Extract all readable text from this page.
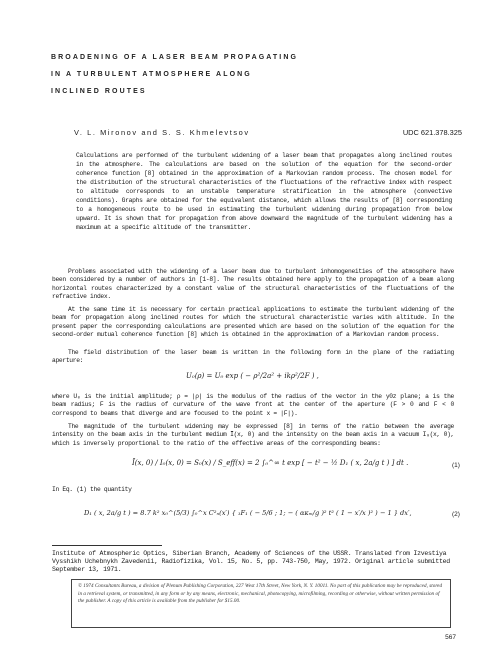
BROADENING OF A LASER BEAM PROPAGATING
IN A TURBULENT ATMOSPHERE ALONG
INCLINED ROUTES
V. L. Mironov and S. S. Khmelevtsov	UDC 621.378.325
Calculations are performed of the turbulent widening of a laser beam that propagates along inclined routes in the atmosphere. The calculations are based on the solution of the equation for the second-order coherence function [8] obtained in the approximation of a Markovian random process. The chosen model for the distribution of the structural characteristics of the fluctuations of the refractive index with respect to altitude corresponds to an unstable temperature stratification in the atmosphere (convective conditions). Graphs are obtained for the equivalent distance, which allows the results of [8] corresponding to a homogeneous route to be used in estimating the turbulent widening during propagation from below upward. It is shown that for propagation from above downward the magnitude of the turbulent widening has a maximum at a specific altitude of the transmitter.
Problems associated with the widening of a laser beam due to turbulent inhomogeneities of the atmosphere have been considered by a number of authors in [1-8]. The results obtained here apply to the propagation of a beam along horizontal routes characterized by a constant value of the structural characteristics of the fluctuations of the refractive index.
At the same time it is necessary for certain practical applications to estimate the turbulent widening of the beam for propagation along inclined routes for which the structural characteristic varies with altitude. In the present paper the corresponding calculations are presented which are based on the solution of the equation for the second-order mutual coherence function [8] which is obtained in the approximation of a Markovian random process.
The field distribution of the laser beam is written in the following form in the plane of the radiating aperture:
U₀(ρ) = U₀ exp ( − ρ²/2a² + ikρ²/2F ) ,
where U₀ is the initial amplitude; ρ = |ρ| is the modulus of the radius of the vector in the y0z plane; a is the beam radius; F is the radius of curvature of the wave front at the center of the aperture (F > 0 and F < 0 correspond to beams that diverge and are focused to the point x = |F|).
The magnitude of the turbulent widening may be expressed [8] in terms of the ratio between the average intensity on the beam axis in the turbulent medium Ī(x, 0) and the intensity on the beam axis in a vacuum I₀(x, 0), which is inversely proportional to the ratio of the effective areas of the corresponding beams:
Ī(x, 0) / I₀(x, 0) = S₀(x) / S_eff(x) = 2 ∫₀^∞ t exp [ − t² − ½ D₁ ( x, 2a/g t ) ] dt .	(1)
In Eq. (1) the quantity
D₁ ( x, 2a/g t ) = 8.7 k² x₀^(5/3) ∫₀^x C²ₙ(x′) { ₁F₁ ( − 5/6 ; 1; − ( ακₘ/g )² t² ( 1 − x′/x )² ) − 1 } dx′,	(2)
Institute of Atmospheric Optics, Siberian Branch, Academy of Sciences of the USSR. Translated from Izvestiya Vysshikh Uchebnykh Zavedenii, Radiofizika, Vol. 15, No. 5, pp. 743-750, May, 1972. Original article submitted September 13, 1971.
© 1974 Consultants Bureau, a division of Plenum Publishing Corporation, 227 West 17th Street, New York, N. Y. 10011. No part of this publication may be reproduced, stored in a retrieval system, or transmitted, in any form or by any means, electronic, mechanical, photocopying, microfilming, recording or otherwise, without written permission of the publisher. A copy of this article is available from the publisher for $15.00.
567
